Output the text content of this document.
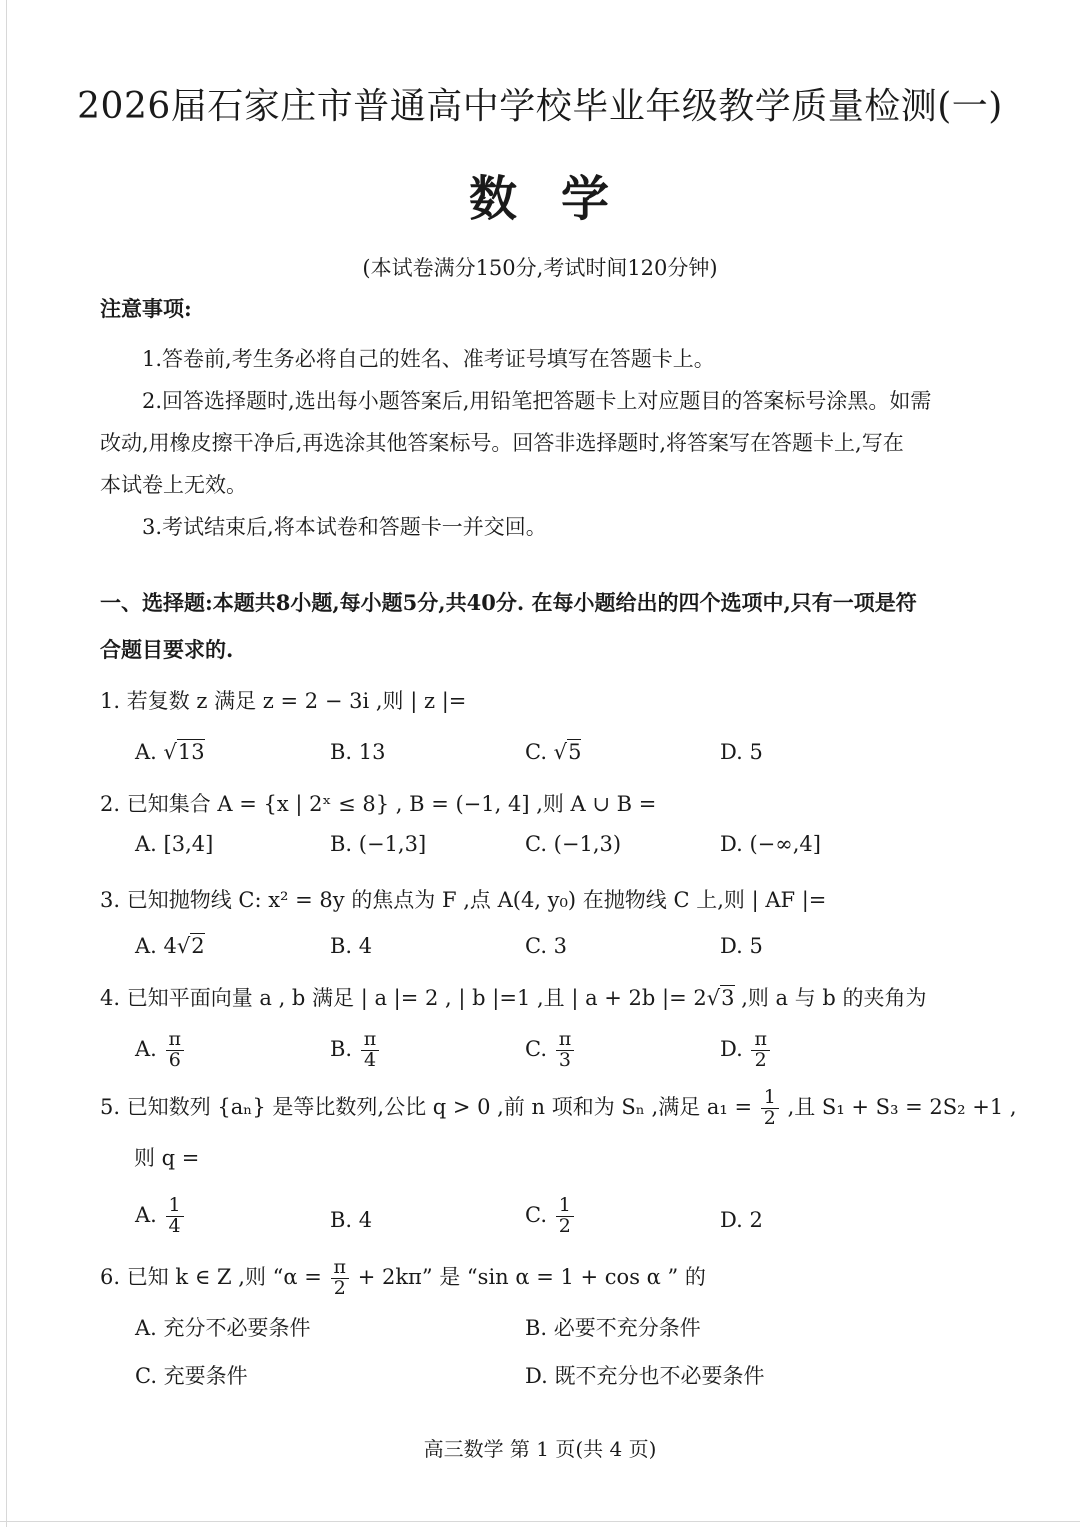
2026届石家庄市普通高中学校毕业年级教学质量检测(一)
数 学
(本试卷满分150分,考试时间120分钟)
注意事项:
1.答卷前,考生务必将自己的姓名、准考证号填写在答题卡上。
2.回答选择题时,选出每小题答案后,用铅笔把答题卡上对应题目的答案标号涂黑。如需
改动,用橡皮擦干净后,再选涂其他答案标号。回答非选择题时,将答案写在答题卡上,写在
本试卷上无效。
3.考试结束后,将本试卷和答题卡一并交回。
一、选择题:本题共8小题,每小题5分,共40分. 在每小题给出的四个选项中,只有一项是符
合题目要求的.
1. 若复数 z 满足 z = 2 − 3i ,则 | z |=
A. √13	B. 13	C. √5	D. 5
2. 已知集合 A = {x | 2ˣ ≤ 8} , B = (−1, 4] ,则 A ∪ B =
A. [3,4]	B. (−1,3]	C. (−1,3)	D. (−∞,4]
3. 已知抛物线 C: x² = 8y 的焦点为 F ,点 A(4, y₀) 在抛物线 C 上,则 | AF |=
A. 4√2	B. 4	C. 3	D. 5
4. 已知平面向量 a , b 满足 | a |= 2 , | b |=1 ,且 | a + 2b |= 2√3 ,则 a 与 b 的夹角为
A. $\frac{\pi}{6}$	B. $\frac{\pi}{4}$	C. $\frac{\pi}{3}$	D. $\frac{\pi}{2}$
5. 已知数列 {aₙ} 是等比数列,公比 q > 0 ,前 n 项和为 Sₙ ,满足 $a_1 = \frac{1}{2}$ ,且 S₁ + S₃ = 2S₂ +1 ,
则 q =
A. $\frac{1}{4}$	B. 4	C. $\frac{1}{2}$	D. 2
6. 已知 k ∈ Z ,则 “$\alpha = \frac{\pi}{2} + 2k\pi$” 是 “sin α = 1 + cos α ” 的
A. 充分不必要条件	B. 必要不充分条件
C. 充要条件	D. 既不充分也不必要条件
高三数学 第 1 页(共 4 页)
